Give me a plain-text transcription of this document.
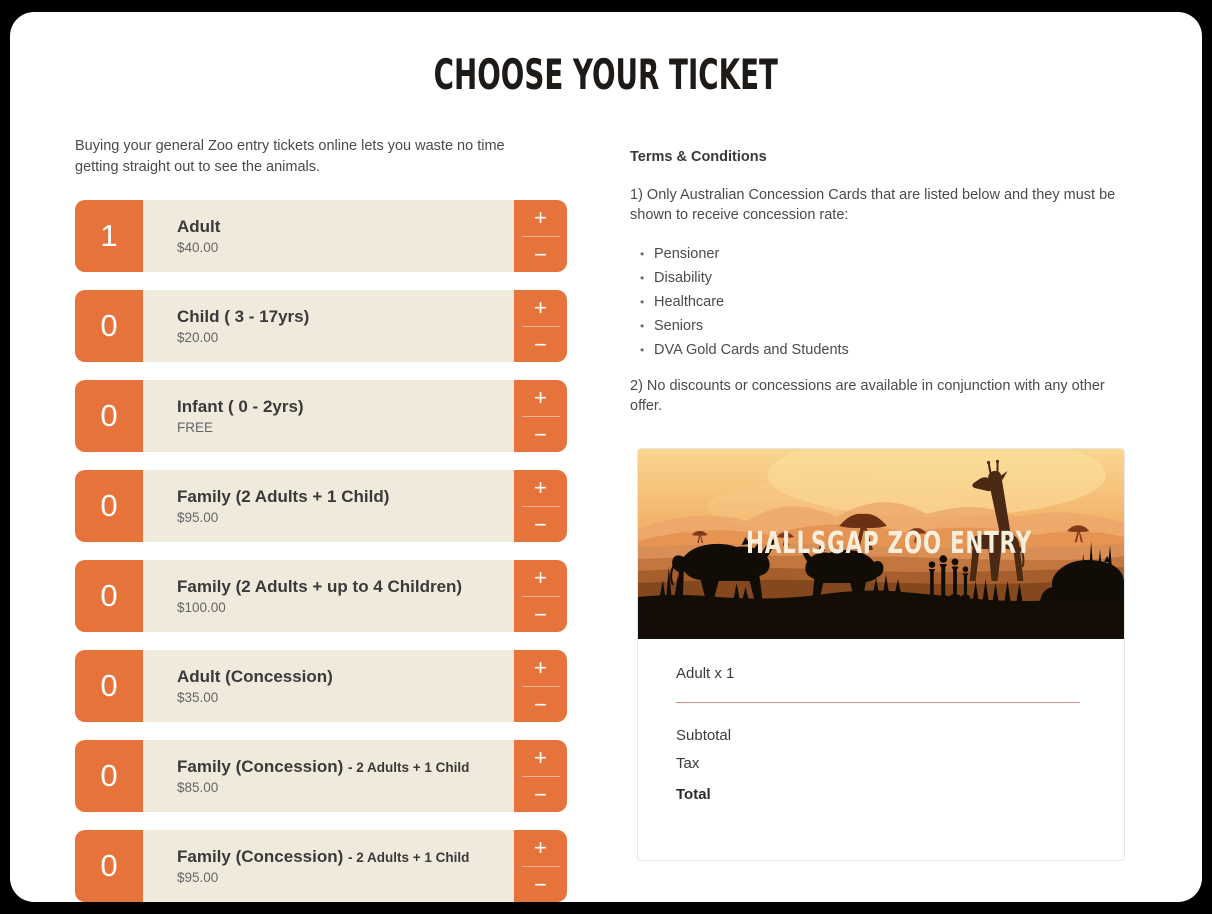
CHOOSE YOUR TICKET

Buying your general Zoo entry tickets online lets you waste no time getting straight out to see the animals.

1	Adult
$40.00
+
−
0	Child ( 3 - 17yrs)
$20.00
+
−
0	Infant ( 0 - 2yrs)
FREE
+
−
0	Family (2 Adults + 1 Child)
$95.00
+
−
0	Family (2 Adults + up to 4 Children)
$100.00
+
−
0	Adult (Concession)
$35.00
+
−
0	Family (Concession) - 2 Adults + 1 Child
$85.00
+
−
0	Family (Concession) - 2 Adults + 1 Child
$95.00
+
−

Terms & Conditions

1) Only Australian Concession Cards that are listed below and they must be shown to receive concession rate:

• Pensioner
• Disability
• Healthcare
• Seniors
• DVA Gold Cards and Students

2) No discounts or concessions are available in conjunction with any other offer.

HALLSGAP ZOO ENTRY
Adult x 1
Subtotal
Tax
Total
